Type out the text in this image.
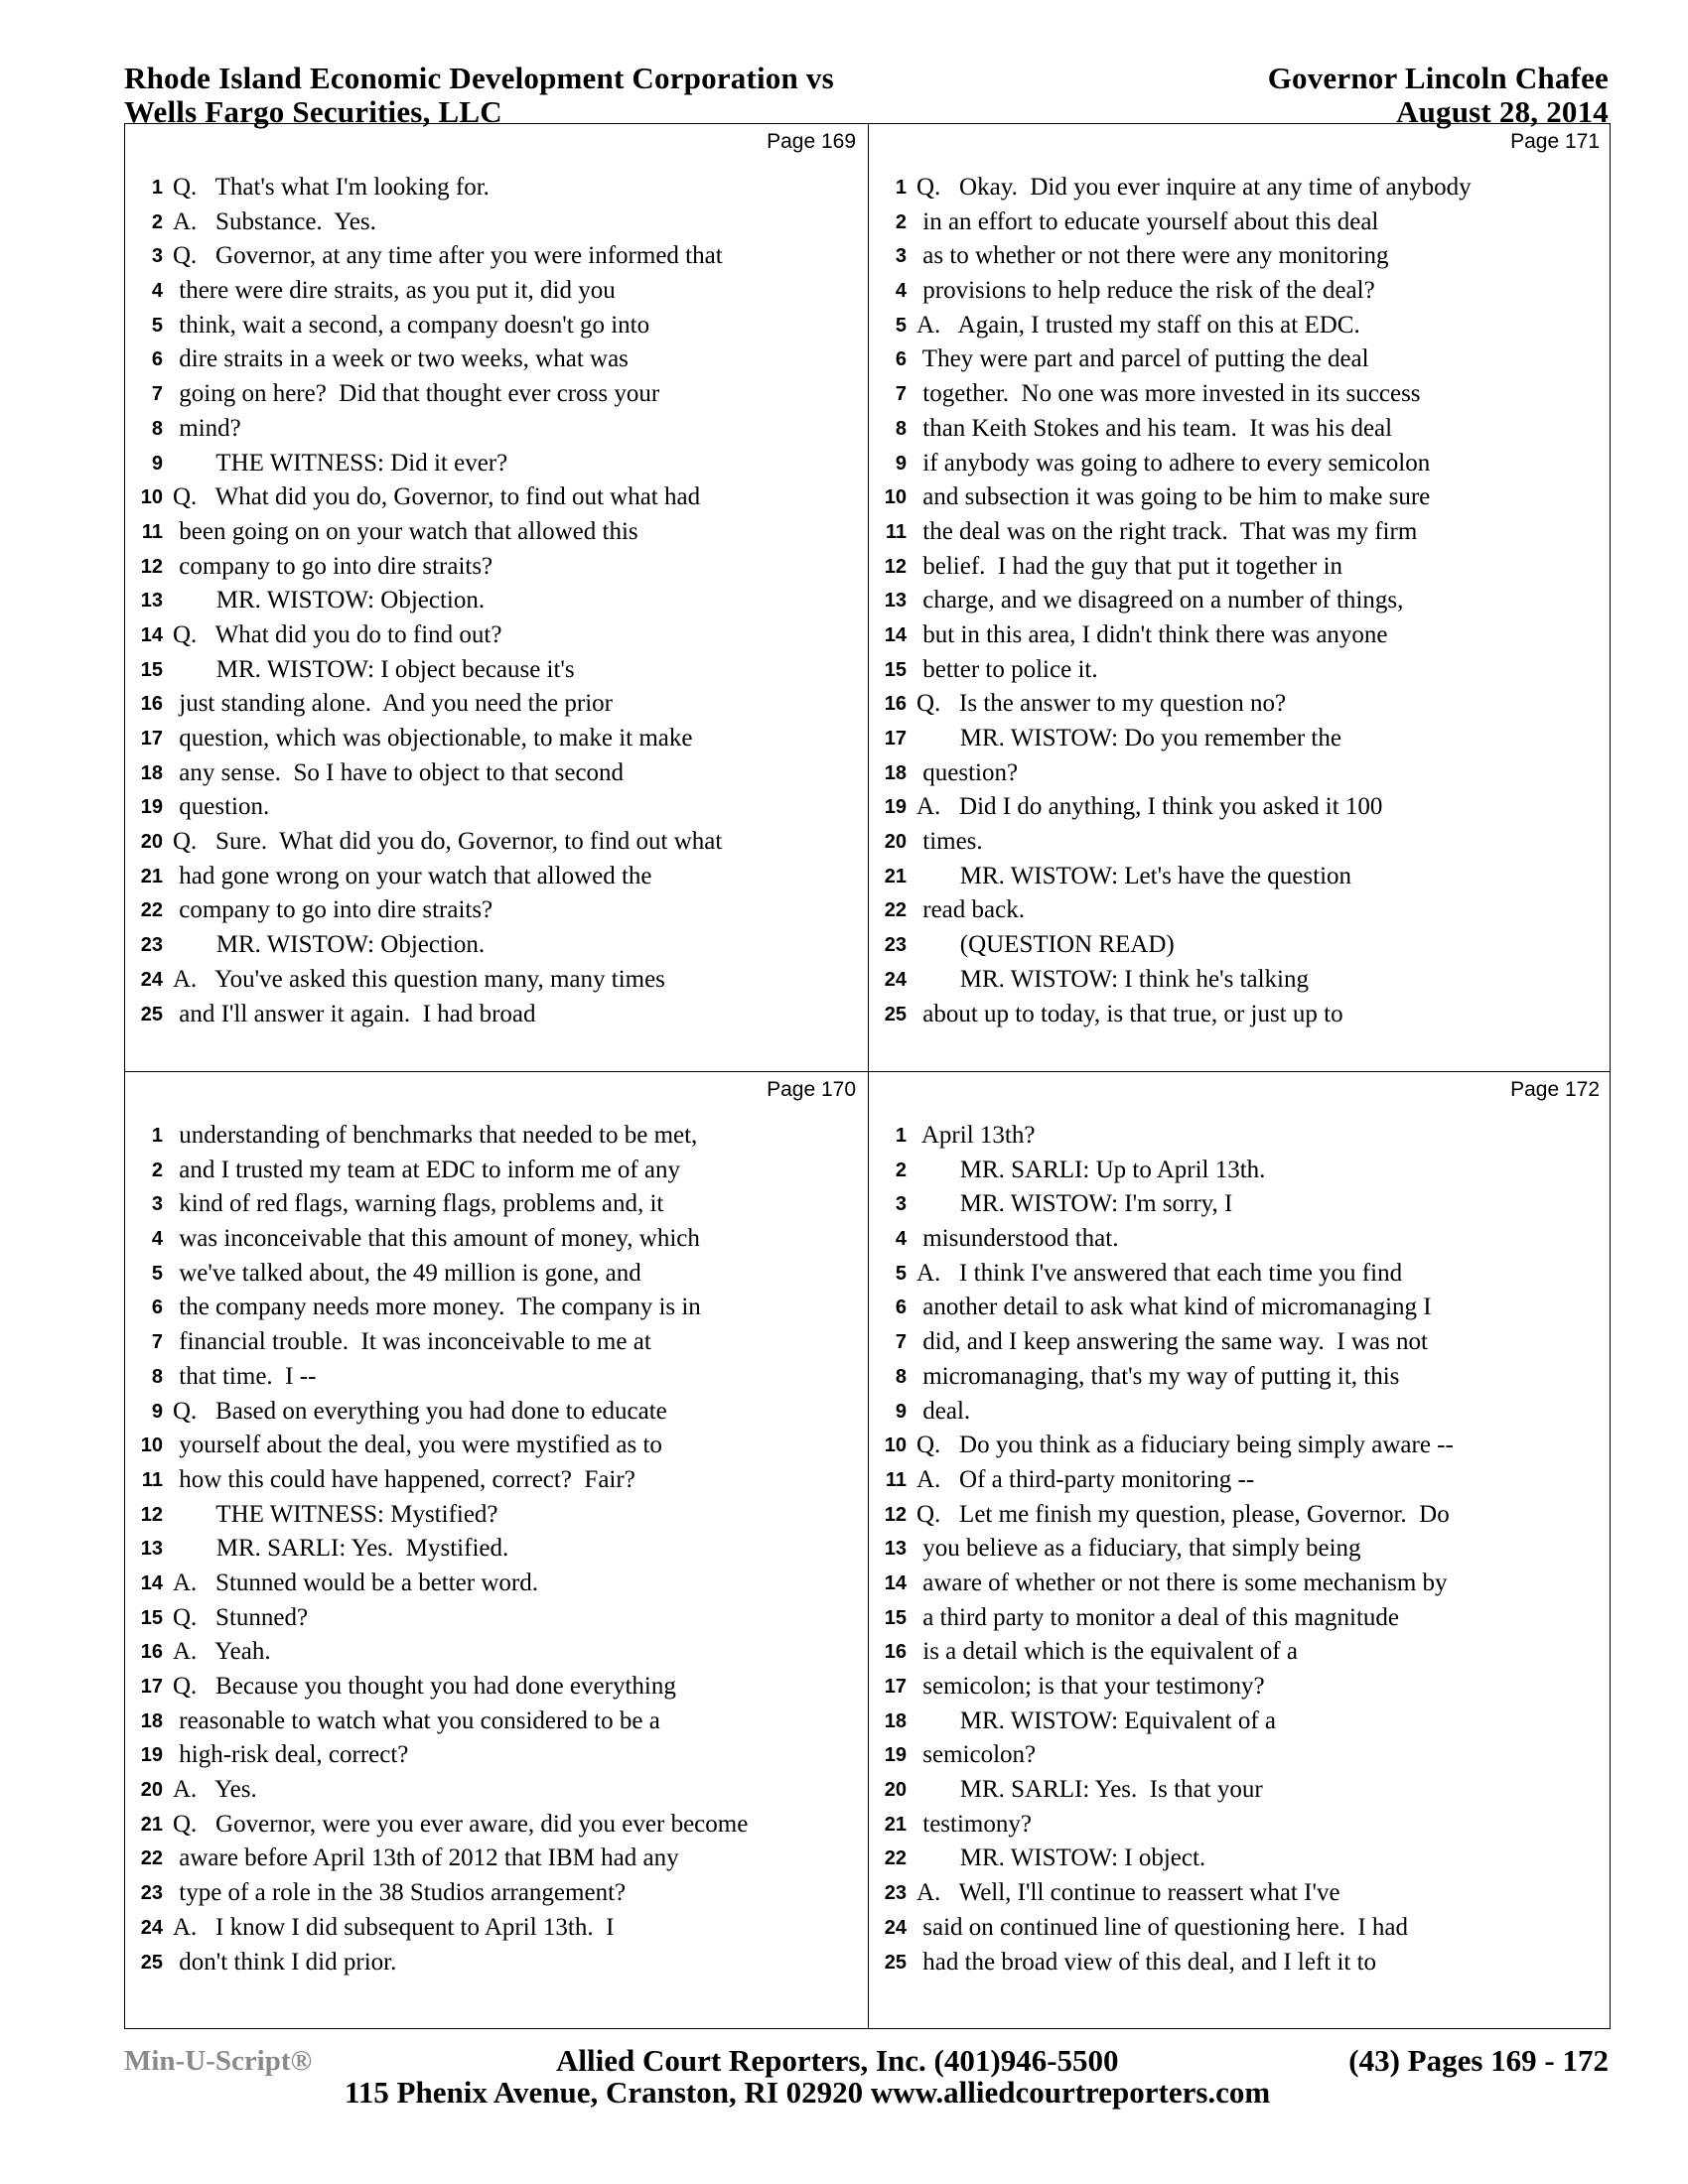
Rhode Island Economic Development Corporation vs
Wells Fargo Securities, LLC
Governor Lincoln Chafee
August 28, 2014
Page 169
1 Q.   That's what I'm looking for.
2 A.   Substance.  Yes.
3 Q.   Governor, at any time after you were informed that
4 there were dire straits, as you put it, did you
5 think, wait a second, a company doesn't go into
6 dire straits in a week or two weeks, what was
7 going on here?  Did that thought ever cross your
8 mind?
9 THE WITNESS: Did it ever?
10 Q.   What did you do, Governor, to find out what had
11 been going on on your watch that allowed this
12 company to go into dire straits?
13 MR. WISTOW: Objection.
14 Q.   What did you do to find out?
15 MR. WISTOW: I object because it's
16 just standing alone.  And you need the prior
17 question, which was objectionable, to make it make
18 any sense.  So I have to object to that second
19 question.
20 Q.   Sure.  What did you do, Governor, to find out what
21 had gone wrong on your watch that allowed the
22 company to go into dire straits?
23 MR. WISTOW: Objection.
24 A.   You've asked this question many, many times
25 and I'll answer it again.  I had broad
Page 171
1 Q.   Okay.  Did you ever inquire at any time of anybody
2 in an effort to educate yourself about this deal
3 as to whether or not there were any monitoring
4 provisions to help reduce the risk of the deal?
5 A.   Again, I trusted my staff on this at EDC.
6 They were part and parcel of putting the deal
7 together.  No one was more invested in its success
8 than Keith Stokes and his team.  It was his deal
9 if anybody was going to adhere to every semicolon
10 and subsection it was going to be him to make sure
11 the deal was on the right track.  That was my firm
12 belief.  I had the guy that put it together in
13 charge, and we disagreed on a number of things,
14 but in this area, I didn't think there was anyone
15 better to police it.
16 Q.   Is the answer to my question no?
17 MR. WISTOW: Do you remember the
18 question?
19 A.   Did I do anything, I think you asked it 100
20 times.
21 MR. WISTOW: Let's have the question
22 read back.
23 (QUESTION READ)
24 MR. WISTOW: I think he's talking
25 about up to today, is that true, or just up to
Page 170
1 understanding of benchmarks that needed to be met,
2 and I trusted my team at EDC to inform me of any
3 kind of red flags, warning flags, problems and, it
4 was inconceivable that this amount of money, which
5 we've talked about, the 49 million is gone, and
6 the company needs more money.  The company is in
7 financial trouble.  It was inconceivable to me at
8 that time.  I --
9 Q.   Based on everything you had done to educate
10 yourself about the deal, you were mystified as to
11 how this could have happened, correct?  Fair?
12 THE WITNESS: Mystified?
13 MR. SARLI: Yes.  Mystified.
14 A.   Stunned would be a better word.
15 Q.   Stunned?
16 A.   Yeah.
17 Q.   Because you thought you had done everything
18 reasonable to watch what you considered to be a
19 high-risk deal, correct?
20 A.   Yes.
21 Q.   Governor, were you ever aware, did you ever become
22 aware before April 13th of 2012 that IBM had any
23 type of a role in the 38 Studios arrangement?
24 A.   I know I did subsequent to April 13th.  I
25 don't think I did prior.
Page 172
1 April 13th?
2 MR. SARLI: Up to April 13th.
3 MR. WISTOW: I'm sorry, I
4 misunderstood that.
5 A.   I think I've answered that each time you find
6 another detail to ask what kind of micromanaging I
7 did, and I keep answering the same way.  I was not
8 micromanaging, that's my way of putting it, this
9 deal.
10 Q.   Do you think as a fiduciary being simply aware --
11 A.   Of a third-party monitoring --
12 Q.   Let me finish my question, please, Governor.  Do
13 you believe as a fiduciary, that simply being
14 aware of whether or not there is some mechanism by
15 a third party to monitor a deal of this magnitude
16 is a detail which is the equivalent of a
17 semicolon; is that your testimony?
18 MR. WISTOW: Equivalent of a
19 semicolon?
20 MR. SARLI: Yes.  Is that your
21 testimony?
22 MR. WISTOW: I object.
23 A.   Well, I'll continue to reassert what I've
24 said on continued line of questioning here.  I had
25 had the broad view of this deal, and I left it to
Min-U-Script®	Allied Court Reporters, Inc. (401)946-5500	(43) Pages 169 - 172
115 Phenix Avenue, Cranston, RI 02920 www.alliedcourtreporters.com
